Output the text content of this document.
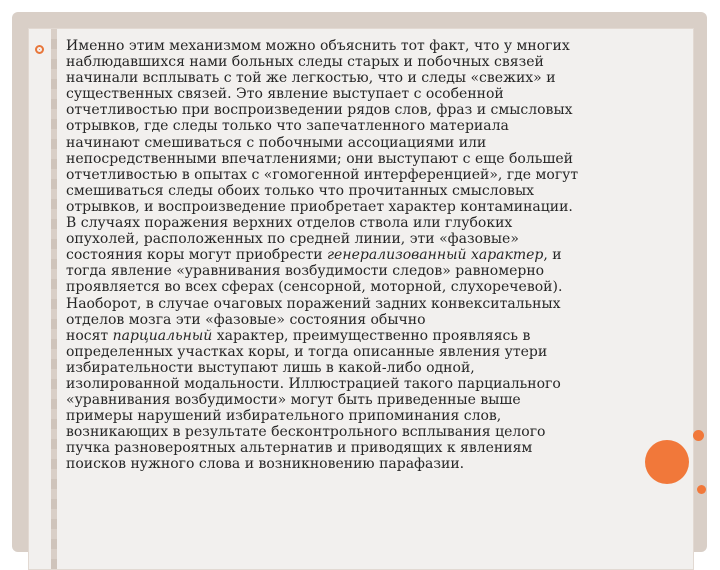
Именно этим механизмом можно объяснить тот факт, что у многих
наблюдавшихся нами больных следы старых и побочных связей
начинали всплывать с той же легкостью, что и следы «свежих» и
существенных связей. Это явление выступает с особенной
отчетливостью при воспроизведении рядов слов, фраз и смысловых
отрывков, где следы только что запечатленного материала
начинают смешиваться с побочными ассоциациями или
непосредственными впечатлениями; они выступают с еще большей
отчетливостью в опытах с «гомогенной интерференцией», где могут
смешиваться следы обоих только что прочитанных смысловых
отрывков, и воспроизведение приобретает характер контаминации.
В случаях поражения верхних отделов ствола или глубоких
опухолей, расположенных по средней линии, эти «фазовые»
состояния коры могут приобрести генерализованный характер, и
тогда явление «уравнивания возбудимости следов» равномерно
проявляется во всех сферах (сенсорной, моторной, слухоречевой).
Наоборот, в случае очаговых поражений задних конвекситальных
отделов мозга эти «фазовые» состояния обычно
носят парциальный характер, преимущественно проявляясь в
определенных участках коры, и тогда описанные явления утери
избирательности выступают лишь в какой-либо одной,
изолированной модальности. Иллюстрацией такого парциального
«уравнивания возбудимости» могут быть приведенные выше
примеры нарушений избирательного припоминания слов,
возникающих в результате бесконтрольного всплывания целого
пучка разновероятных альтернатив и приводящих к явлениям
поисков нужного слова и возникновению парафазии.
